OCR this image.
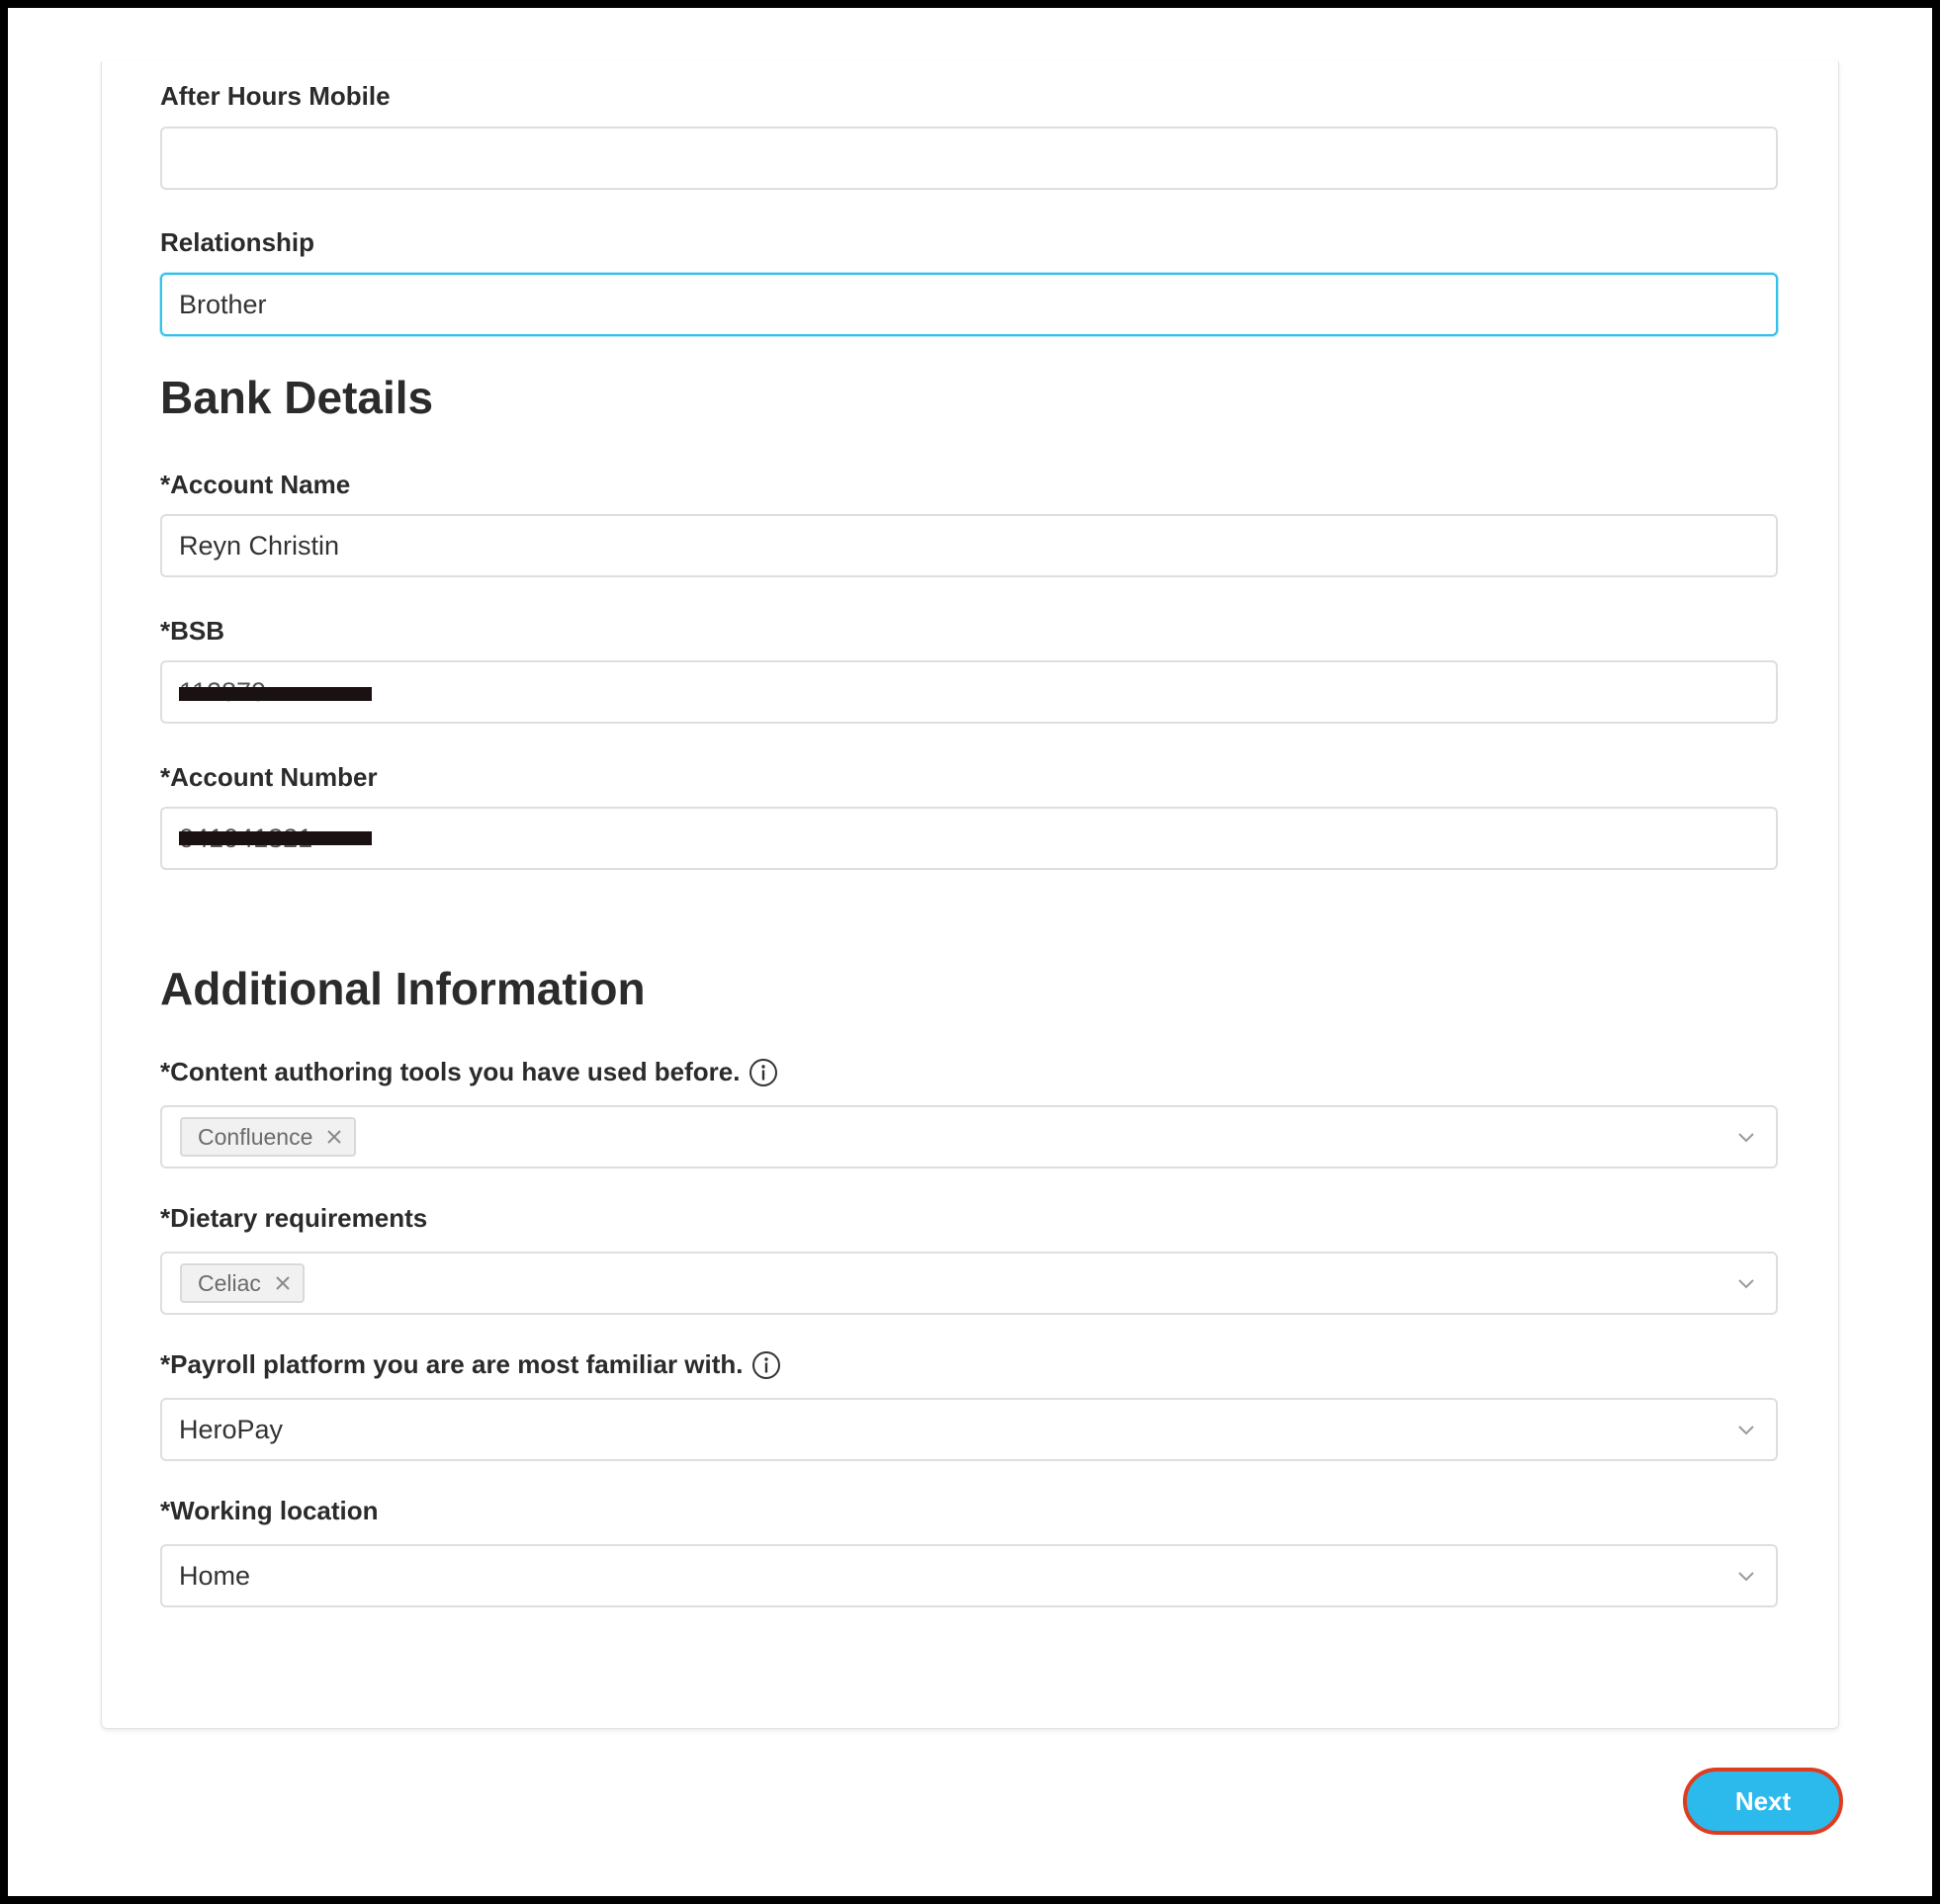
After Hours Mobile
Relationship
Brother
Bank Details
*Account Name
Reyn Christin
*BSB
*Account Number
Additional Information
*Content authoring tools you have used before.
Confluence
*Dietary requirements
Celiac
*Payroll platform you are are most familiar with.
HeroPay
*Working location
Home
Next
